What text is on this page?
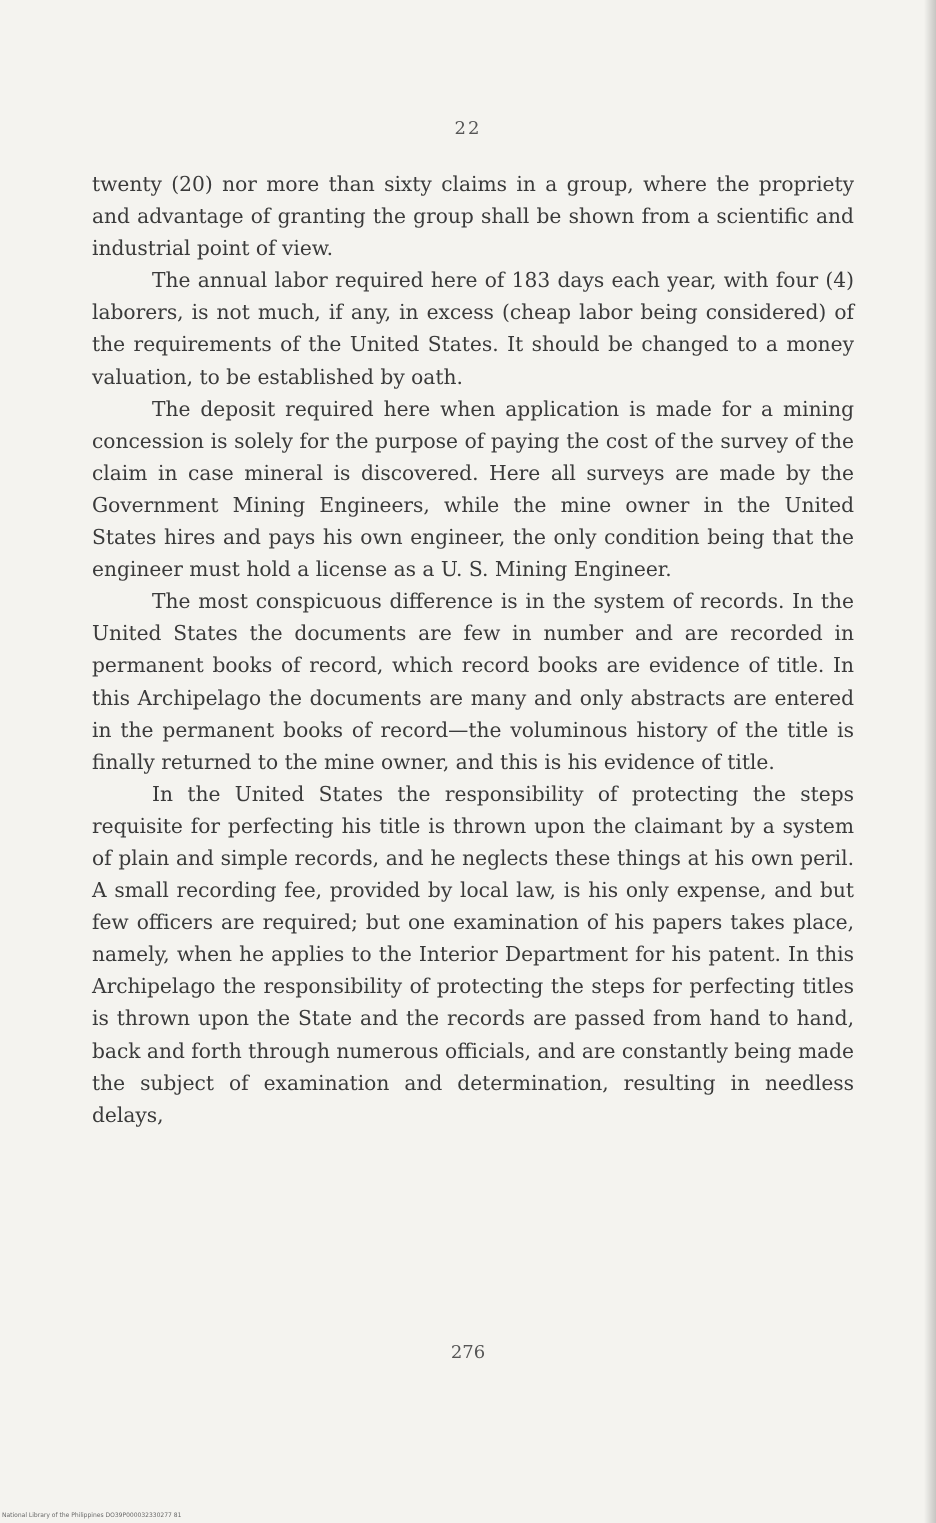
22

twenty (20) nor more than sixty claims in a group, where the propriety and advantage of granting the group shall be shown from a scientific and industrial point of view.

The annual labor required here of 183 days each year, with four (4) laborers, is not much, if any, in excess (cheap labor being considered) of the requirements of the United States. It should be changed to a money valuation, to be established by oath.

The deposit required here when application is made for a mining concession is solely for the purpose of paying the cost of the survey of the claim in case mineral is discovered. Here all surveys are made by the Government Mining Engineers, while the mine owner in the United States hires and pays his own engineer, the only condition being that the engineer must hold a license as a U. S. Mining Engineer.

The most conspicuous difference is in the system of records. In the United States the documents are few in number and are recorded in permanent books of record, which record books are evidence of title. In this Archipelago the documents are many and only abstracts are entered in the permanent books of record—the voluminous history of the title is finally returned to the mine owner, and this is his evidence of title.

In the United States the responsibility of protecting the steps requisite for perfecting his title is thrown upon the claimant by a system of plain and simple records, and he neglects these things at his own peril. A small recording fee, provided by local law, is his only expense, and but few officers are required; but one examination of his papers takes place, namely, when he applies to the Interior Department for his patent. In this Archipelago the responsibility of protecting the steps for perfecting titles is thrown upon the State and the records are passed from hand to hand, back and forth through numerous officials, and are constantly being made the subject of examination and determination, resulting in needless delays,

276
National Library of the Philippines DO39P000032330277 81
